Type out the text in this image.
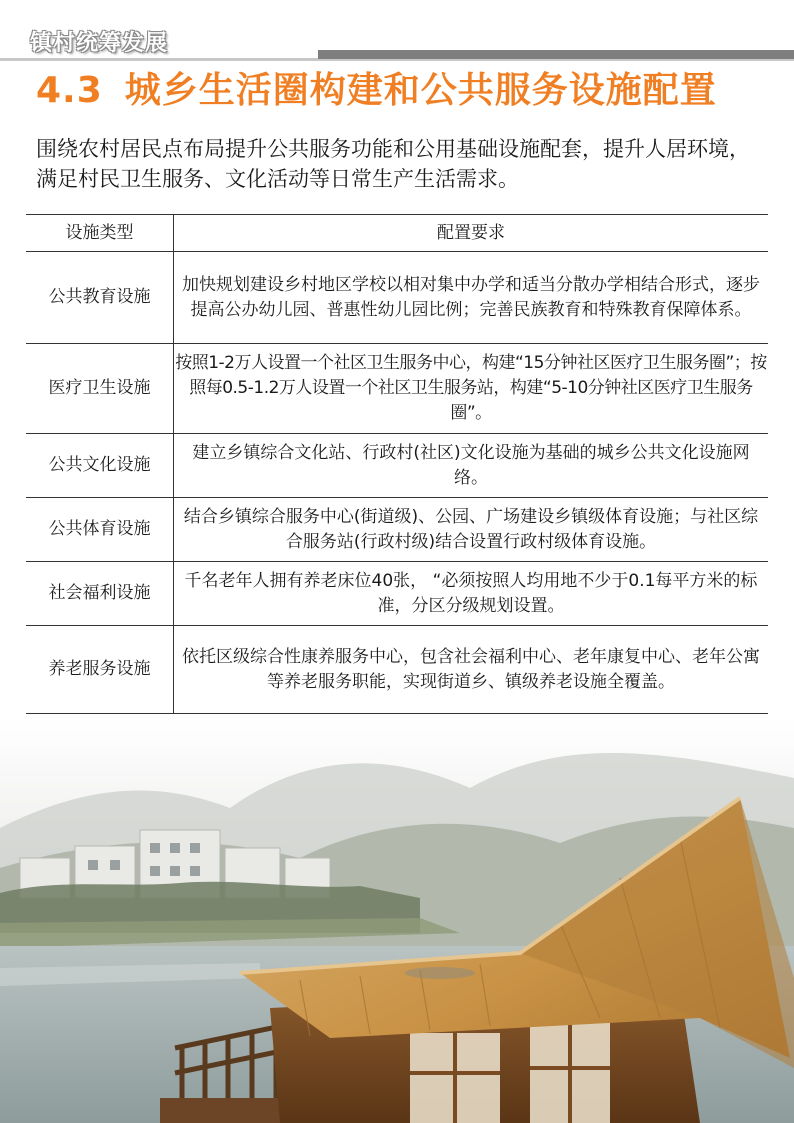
镇村统筹发展
4.3 城乡生活圈构建和公共服务设施配置
围绕农村居民点布局提升公共服务功能和公用基础设施配套，提升人居环境，满足村民卫生服务、文化活动等日常生产生活需求。
设施类型	配置要求
公共教育设施	加快规划建设乡村地区学校以相对集中办学和适当分散办学相结合形式，逐步提高公办幼儿园、普惠性幼儿园比例；完善民族教育和特殊教育保障体系。
医疗卫生设施	按照1-2万人设置一个社区卫生服务中心，构建“15分钟社区医疗卫生服务圈”；按照每0.5-1.2万人设置一个社区卫生服务站，构建“5-10分钟社区医疗卫生服务圈”。
公共文化设施	建立乡镇综合文化站、行政村(社区)文化设施为基础的城乡公共文化设施网络。
公共体育设施	结合乡镇综合服务中心(街道级)、公园、广场建设乡镇级体育设施；与社区综合服务站(行政村级)结合设置行政村级体育设施。
社会福利设施	千名老年人拥有养老床位40张， “必须按照人均用地不少于0.1每平方米的标准，分区分级规划设置。
养老服务设施	依托区级综合性康养服务中心，包含社会福利中心、老年康复中心、老年公寓等养老服务职能，实现街道乡、镇级养老设施全覆盖。
